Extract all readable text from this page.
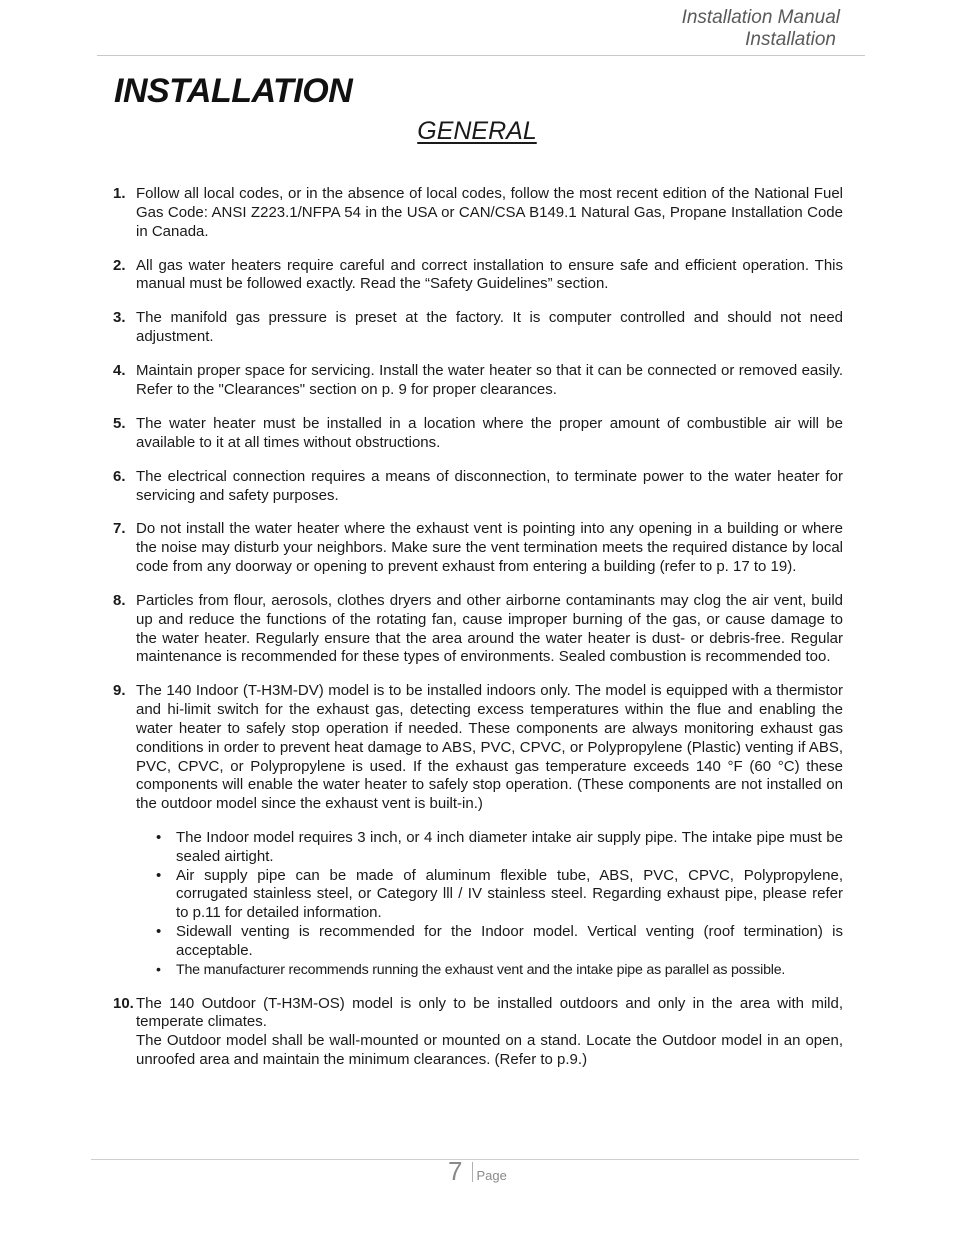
Installation Manual
Installation
INSTALLATION
GENERAL
1. Follow all local codes, or in the absence of local codes, follow the most recent edition of the National Fuel Gas Code: ANSI Z223.1/NFPA 54 in the USA or CAN/CSA B149.1 Natural Gas, Propane Installation Code in Canada.
2. All gas water heaters require careful and correct installation to ensure safe and efficient operation. This manual must be followed exactly. Read the “Safety Guidelines” section.
3. The manifold gas pressure is preset at the factory. It is computer controlled and should not need adjustment.
4. Maintain proper space for servicing. Install the water heater so that it can be connected or removed easily. Refer to the "Clearances" section on p. 9 for proper clearances.
5. The water heater must be installed in a location where the proper amount of combustible air will be available to it at all times without obstructions.
6. The electrical connection requires a means of disconnection, to terminate power to the water heater for servicing and safety purposes.
7. Do not install the water heater where the exhaust vent is pointing into any opening in a building or where the noise may disturb your neighbors. Make sure the vent termination meets the required distance by local code from any doorway or opening to prevent exhaust from entering a building (refer to p. 17 to 19).
8. Particles from flour, aerosols, clothes dryers and other airborne contaminants may clog the air vent, build up and reduce the functions of the rotating fan, cause improper burning of the gas, or cause damage to the water heater. Regularly ensure that the area around the water heater is dust- or debris-free. Regular maintenance is recommended for these types of environments. Sealed combustion is recommended too.
9. The 140 Indoor (T-H3M-DV) model is to be installed indoors only. The model is equipped with a thermistor and hi-limit switch for the exhaust gas, detecting excess temperatures within the flue and enabling the water heater to safely stop operation if needed. These components are always monitoring exhaust gas conditions in order to prevent heat damage to ABS, PVC, CPVC, or Polypropylene (Plastic) venting if ABS, PVC, CPVC, or Polypropylene is used. If the exhaust gas temperature exceeds 140 °F (60 °C) these components will enable the water heater to safely stop operation. (These components are not installed on the outdoor model since the exhaust vent is built-in.)
• The Indoor model requires 3 inch, or 4 inch diameter intake air supply pipe. The intake pipe must be sealed airtight.
• Air supply pipe can be made of aluminum flexible tube, ABS, PVC, CPVC, Polypropylene, corrugated stainless steel, or Category lll / IV stainless steel. Regarding exhaust pipe, please refer to p.11 for detailed information.
• Sidewall venting is recommended for the Indoor model. Vertical venting (roof termination) is acceptable.
• The manufacturer recommends running the exhaust vent and the intake pipe as parallel as possible.
10. The 140 Outdoor (T-H3M-OS) model is only to be installed outdoors and only in the area with mild, temperate climates.
The Outdoor model shall be wall-mounted or mounted on a stand. Locate the Outdoor model in an open, unroofed area and maintain the minimum clearances. (Refer to p.9.)
7 Page
